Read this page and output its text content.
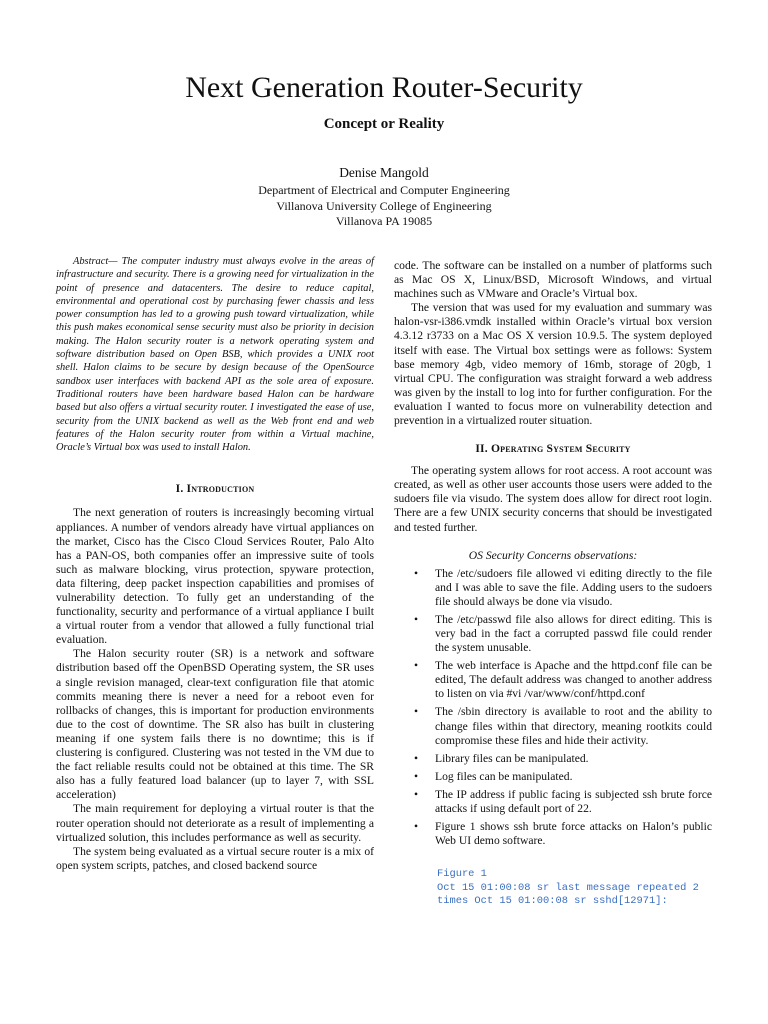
Next Generation Router-Security
Concept or Reality
Denise Mangold
Department of Electrical and Computer Engineering
Villanova University College of Engineering
Villanova PA 19085

Abstract— The computer industry must always evolve in the areas of infrastructure and security. There is a growing need for virtualization in the point of presence and datacenters. The desire to reduce capital, environmental and operational cost by purchasing fewer chassis and less power consumption has led to a growing push toward virtualization, while this push makes economical sense security must also be priority in decision making. The Halon security router is a network operating system and software distribution based on Open BSB, which provides a UNIX root shell. Halon claims to be secure by design because of the OpenSource sandbox user interfaces with backend API as the sole area of exposure. Traditional routers have been hardware based Halon can be hardware based but also offers a virtual security router. I investigated the ease of use, security from the UNIX backend as well as the Web front end and web features of the Halon security router from within a Virtual machine, Oracle’s Virtual box was used to install Halon.

I. Introduction

The next generation of routers is increasingly becoming virtual appliances. A number of vendors already have virtual appliances on the market, Cisco has the Cisco Cloud Services Router, Palo Alto has a PAN-OS, both companies offer an impressive suite of tools such as malware blocking, virus protection, spyware protection, data filtering, deep packet inspection capabilities and promises of vulnerability detection. To fully get an understanding of the functionality, security and performance of a virtual appliance I built a virtual router from a vendor that allowed a fully functional trial evaluation.

The Halon security router (SR) is a network and software distribution based off the OpenBSD Operating system, the SR uses a single revision managed, clear-text configuration file that atomic commits meaning there is never a need for a reboot even for rollbacks of changes, this is important for production environments due to the cost of downtime. The SR also has built in clustering meaning if one system fails there is no downtime; this is if clustering is configured. Clustering was not tested in the VM due to the fact reliable results could not be obtained at this time. The SR also has a fully featured load balancer (up to layer 7, with SSL acceleration)

The main requirement for deploying a virtual router is that the router operation should not deteriorate as a result of implementing a virtualized solution, this includes performance as well as security.

The system being evaluated as a virtual secure router is a mix of open system scripts, patches, and closed backend source

code. The software can be installed on a number of platforms such as Mac OS X, Linux/BSD, Microsoft Windows, and virtual machines such as VMware and Oracle’s Virtual box.

The version that was used for my evaluation and summary was halon-vsr-i386.vmdk installed within Oracle’s virtual box version 4.3.12 r3733 on a Mac OS X version 10.9.5. The system deployed itself with ease. The Virtual box settings were as follows: System base memory 4gb, video memory of 16mb, storage of 20gb, 1 virtual CPU. The configuration was straight forward a web address was given by the install to log into for further configuration. For the evaluation I wanted to focus more on vulnerability detection and prevention in a virtualized router situation.

II. Operating System Security

The operating system allows for root access. A root account was created, as well as other user accounts those users were added to the sudoers file via visudo. The system does allow for direct root login. There are a few UNIX security concerns that should be investigated and tested further.

OS Security Concerns observations:

• The /etc/sudoers file allowed vi editing directly to the file and I was able to save the file. Adding users to the sudoers file should always be done via visudo.
• The /etc/passwd file also allows for direct editing. This is very bad in the fact a corrupted passwd file could render the system unusable.
• The web interface is Apache and the httpd.conf file can be edited, The default address was changed to another address to listen on via #vi /var/www/conf/httpd.conf
• The /sbin directory is available to root and the ability to change files within that directory, meaning rootkits could compromise these files and hide their activity.
• Library files can be manipulated.
• Log files can be manipulated.
• The IP address if public facing is subjected ssh brute force attacks if using default port of 22.
• Figure 1 shows ssh brute force attacks on Halon’s public Web UI demo software.
Figure 1
Oct 15 01:00:08 sr last message repeated 2
times Oct 15 01:00:08 sr sshd[12971]:
